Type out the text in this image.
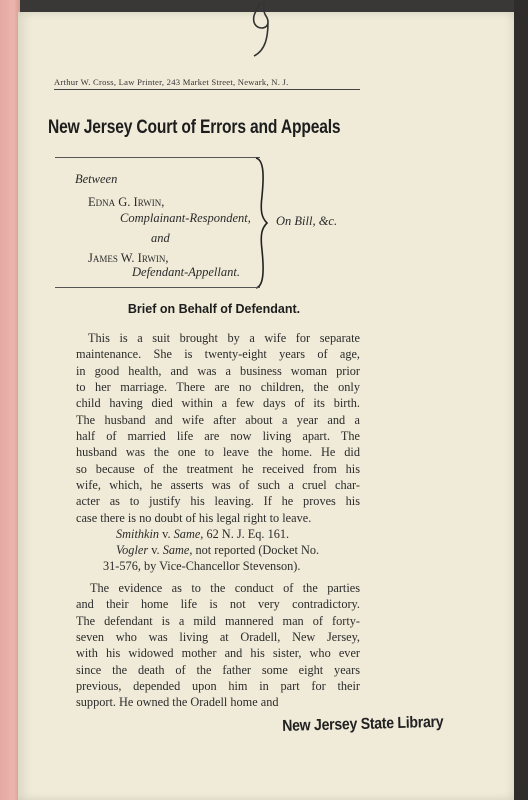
Arthur W. Cross, Law Printer, 243 Market Street, Newark, N. J.
New Jersey Court of Errors and Appeals
Between
Edna G. Irwin,
Complainant-Respondent,
and
James W. Irwin,
Defendant-Appellant.
On Bill, &c.
Brief on Behalf of Defendant.
This is a suit brought by a wife for separate
maintenance. She is twenty-eight years of age,
in good health, and was a business woman prior
to her marriage. There are no children, the only
child having died within a few days of its birth.
The husband and wife after about a year and a
half of married life are now living apart. The
husband was the one to leave the home. He did
so because of the treatment he received from his
wife, which, he asserts was of such a cruel char-
acter as to justify his leaving. If he proves his
case there is no doubt of his legal right to leave.
Smithkin v. Same, 62 N. J. Eq. 161.
Vogler v. Same, not reported (Docket No.
31-576, by Vice-Chancellor Stevenson).
The evidence as to the conduct of the parties
and their home life is not very contradictory.
The defendant is a mild mannered man of forty-
seven who was living at Oradell, New Jersey,
with his widowed mother and his sister, who ever
since the death of the father some eight years
previous, depended upon him in part for their
support. He owned the Oradell home and
New Jersey State Library
